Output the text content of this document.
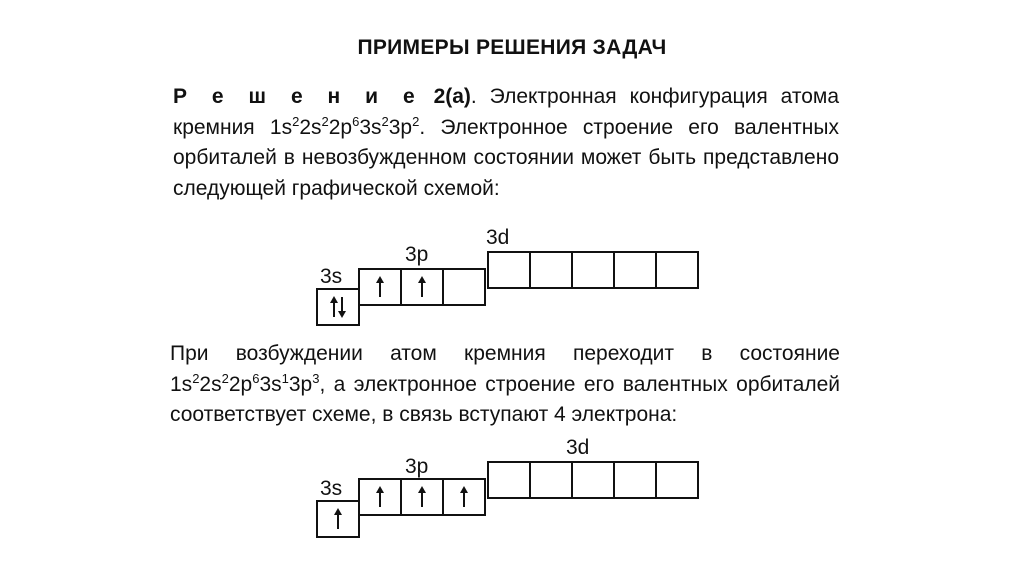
ПРИМЕРЫ РЕШЕНИЯ ЗАДАЧ
Р е ш е н и е 2(а). Электронная конфигурация атома кремния $1s^22s^22p^63s^23p^2$. Электронное строение его валентных орбиталей в невозбужденном состоянии может быть представлено следующей графической схемой:
3d
3p
3s
При возбуждении атом кремния переходит в состояние $1s^22s^22p^63s^13p^3$, а электронное строение его валентных орбиталей соответствует схеме, в связь вступают 4 электрона:
3d
3p
3s
